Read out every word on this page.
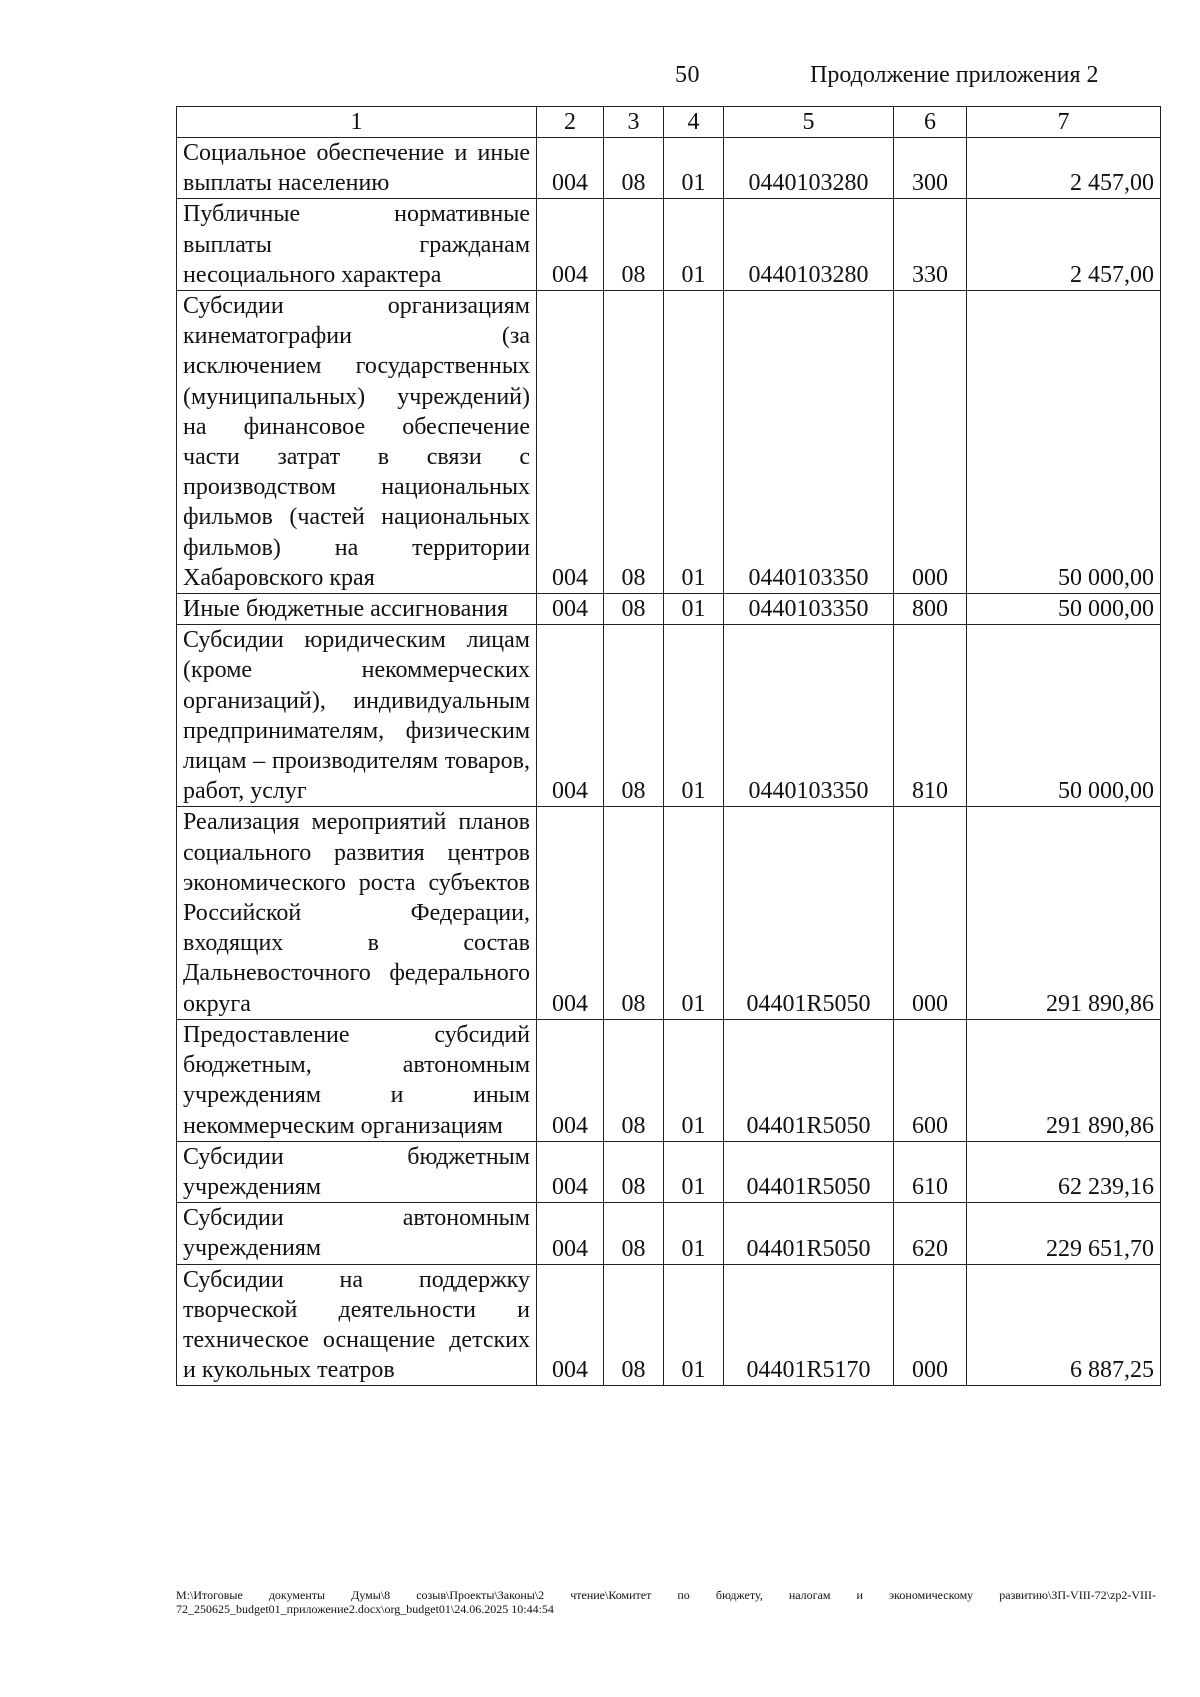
50	Продолжение приложения 2
1	2	3	4	5	6	7
Социальное обеспечение и иные выплаты населению	004	08	01	0440103280	300	2 457,00
Публичные нормативные выплаты гражданам несоциального характера	004	08	01	0440103280	330	2 457,00
Субсидии организациям кинематографии (за исключением государственных (муниципальных) учреждений) на финансовое обеспечение части затрат в связи с производством национальных фильмов (частей национальных фильмов) на территории Хабаровского края	004	08	01	0440103350	000	50 000,00
Иные бюджетные ассигнования	004	08	01	0440103350	800	50 000,00
Субсидии юридическим лицам (кроме некоммерческих организаций), индивидуальным предпринимателям, физическим лицам – производителям товаров, работ, услуг	004	08	01	0440103350	810	50 000,00
Реализация мероприятий планов социального развития центров экономического роста субъектов Российской Федерации, входящих в состав Дальневосточного федерального округа	004	08	01	04401R5050	000	291 890,86
Предоставление субсидий бюджетным, автономным учреждениям и иным некоммерческим организациям	004	08	01	04401R5050	600	291 890,86
Субсидии бюджетным учреждениям	004	08	01	04401R5050	610	62 239,16
Субсидии автономным учреждениям	004	08	01	04401R5050	620	229 651,70
Субсидии на поддержку творческой деятельности и техническое оснащение детских и кукольных театров	004	08	01	04401R5170	000	6 887,25
M:\Итоговые документы Думы\8 созыв\Проекты\Законы\2 чтение\Комитет по бюджету, налогам и экономическому развитию\ЗП-VIII-72\zp2-VIII-72_250625_budget01_приложение2.docx\org_budget01\24.06.2025 10:44:54
